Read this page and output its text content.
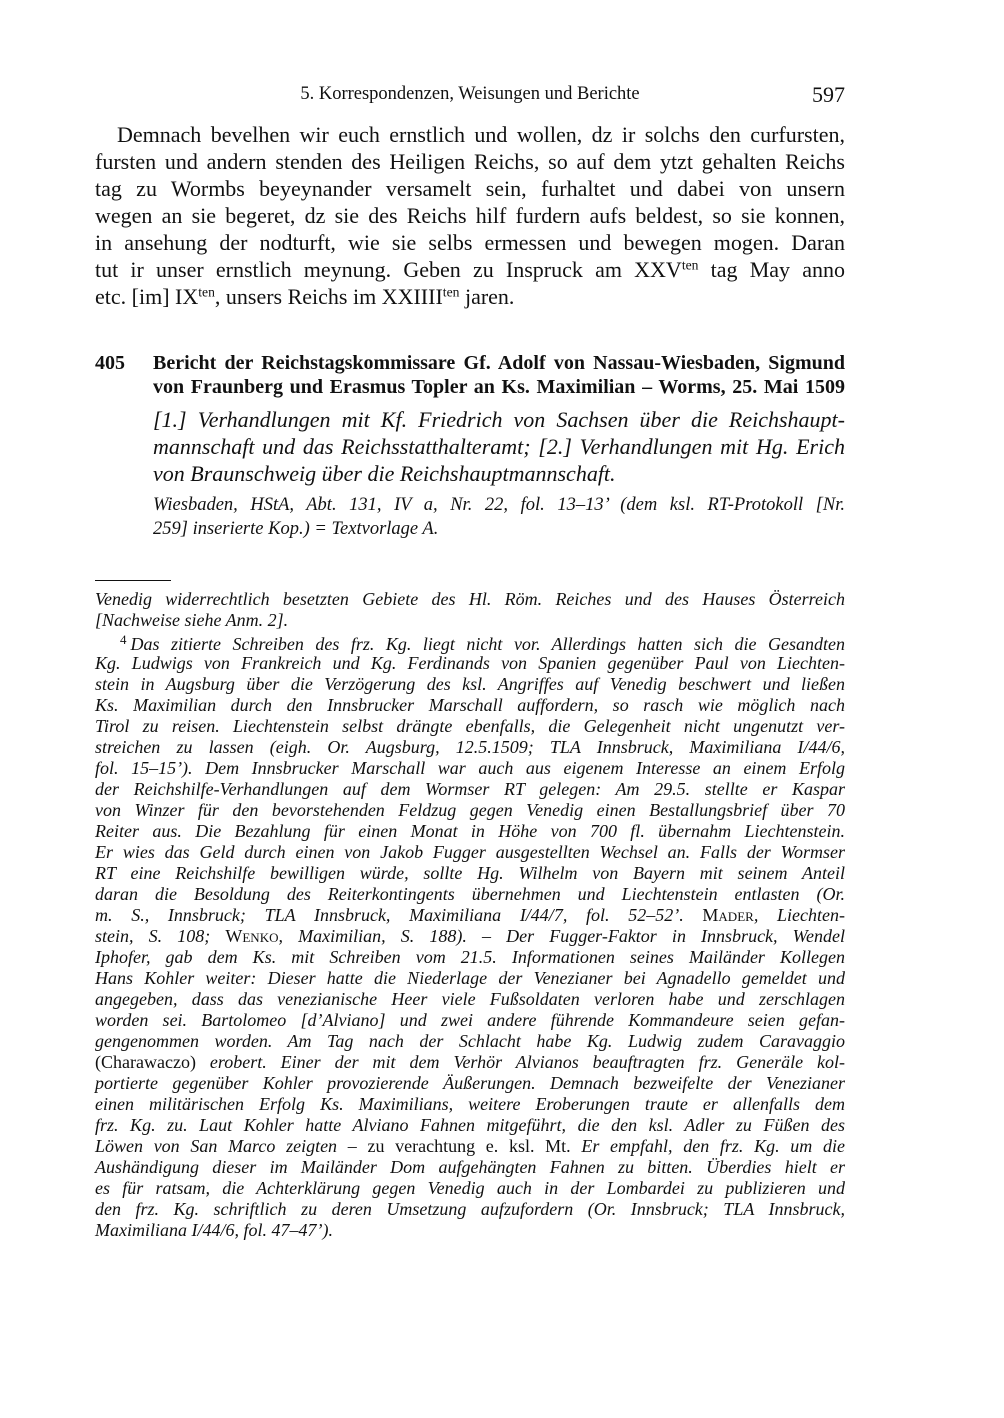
5. Korrespondenzen, Weisungen und Berichte	597
Demnach bevelhen wir euch ernstlich und wollen, dz ir solchs den curfursten,
fursten und andern stenden des Heiligen Reichs, so auf dem ytzt gehalten Reichs
tag zu Wormbs beyeynander versamelt sein, furhaltet und dabei von unsern
wegen an sie begeret, dz sie des Reichs hilf furdern aufs beldest, so sie konnen,
in ansehung der nodturft, wie sie selbs ermessen und bewegen mogen. Daran
tut ir unser ernstlich meynung. Geben zu Inspruck am $XXV^{ten}$ tag May anno
etc. [im] $IX^{ten}$, unsers Reichs im $XXIIII^{ten}$ jaren.
405 Bericht der Reichstagskommissare Gf. Adolf von Nassau-Wiesbaden, Sigmund
von Fraunberg und Erasmus Topler an Ks. Maximilian – Worms, 25. Mai 1509
[1.] Verhandlungen mit Kf. Friedrich von Sachsen über die Reichshaupt-
mannschaft und das Reichsstatthalteramt; [2.] Verhandlungen mit Hg. Erich
von Braunschweig über die Reichshauptmannschaft.
Wiesbaden, HStA, Abt. 131, IV a, Nr. 22, fol. 13–13’ (dem ksl. RT-Protokoll [Nr.
259] inserierte Kop.) = Textvorlage A.
Venedig widerrechtlich besetzten Gebiete des Hl. Röm. Reiches und des Hauses Österreich
[Nachweise siehe Anm. 2].
$^4$ Das zitierte Schreiben des frz. Kg. liegt nicht vor. Allerdings hatten sich die Gesandten
Kg. Ludwigs von Frankreich und Kg. Ferdinands von Spanien gegenüber Paul von Liechten-
stein in Augsburg über die Verzögerung des ksl. Angriffes auf Venedig beschwert und ließen
Ks. Maximilian durch den Innsbrucker Marschall auffordern, so rasch wie möglich nach
Tirol zu reisen. Liechtenstein selbst drängte ebenfalls, die Gelegenheit nicht ungenutzt ver-
streichen zu lassen (eigh. Or. Augsburg, 12.5.1509; TLA Innsbruck, Maximiliana I/44/6,
fol. 15–15’). Dem Innsbrucker Marschall war auch aus eigenem Interesse an einem Erfolg
der Reichshilfe-Verhandlungen auf dem Wormser RT gelegen: Am 29.5. stellte er Kaspar
von Winzer für den bevorstehenden Feldzug gegen Venedig einen Bestallungsbrief über 70
Reiter aus. Die Bezahlung für einen Monat in Höhe von 700 fl. übernahm Liechtenstein.
Er wies das Geld durch einen von Jakob Fugger ausgestellten Wechsel an. Falls der Wormser
RT eine Reichshilfe bewilligen würde, sollte Hg. Wilhelm von Bayern mit seinem Anteil
daran die Besoldung des Reiterkontingents übernehmen und Liechtenstein entlasten (Or.
m. S., Innsbruck; TLA Innsbruck, Maximiliana I/44/7, fol. 52–52’. Mader, Liechten-
stein, S. 108; Wenko, Maximilian, S. 188). – Der Fugger-Faktor in Innsbruck, Wendel
Iphofer, gab dem Ks. mit Schreiben vom 21.5. Informationen seines Mailänder Kollegen
Hans Kohler weiter: Dieser hatte die Niederlage der Venezianer bei Agnadello gemeldet und
angegeben, dass das venezianische Heer viele Fußsoldaten verloren habe und zerschlagen
worden sei. Bartolomeo [d’Alviano] und zwei andere führende Kommandeure seien gefan-
gengenommen worden. Am Tag nach der Schlacht habe Kg. Ludwig zudem Caravaggio
(Charawaczo) erobert. Einer der mit dem Verhör Alvianos beauftragten frz. Generäle kol-
portierte gegenüber Kohler provozierende Äußerungen. Demnach bezweifelte der Venezianer
einen militärischen Erfolg Ks. Maximilians, weitere Eroberungen traute er allenfalls dem
frz. Kg. zu. Laut Kohler hatte Alviano Fahnen mitgeführt, die den ksl. Adler zu Füßen des
Löwen von San Marco zeigten – zu verachtung e. ksl. Mt. Er empfahl, den frz. Kg. um die
Aushändigung dieser im Mailänder Dom aufgehängten Fahnen zu bitten. Überdies hielt er
es für ratsam, die Achterklärung gegen Venedig auch in der Lombardei zu publizieren und
den frz. Kg. schriftlich zu deren Umsetzung aufzufordern (Or. Innsbruck; TLA Innsbruck,
Maximiliana I/44/6, fol. 47–47’).
